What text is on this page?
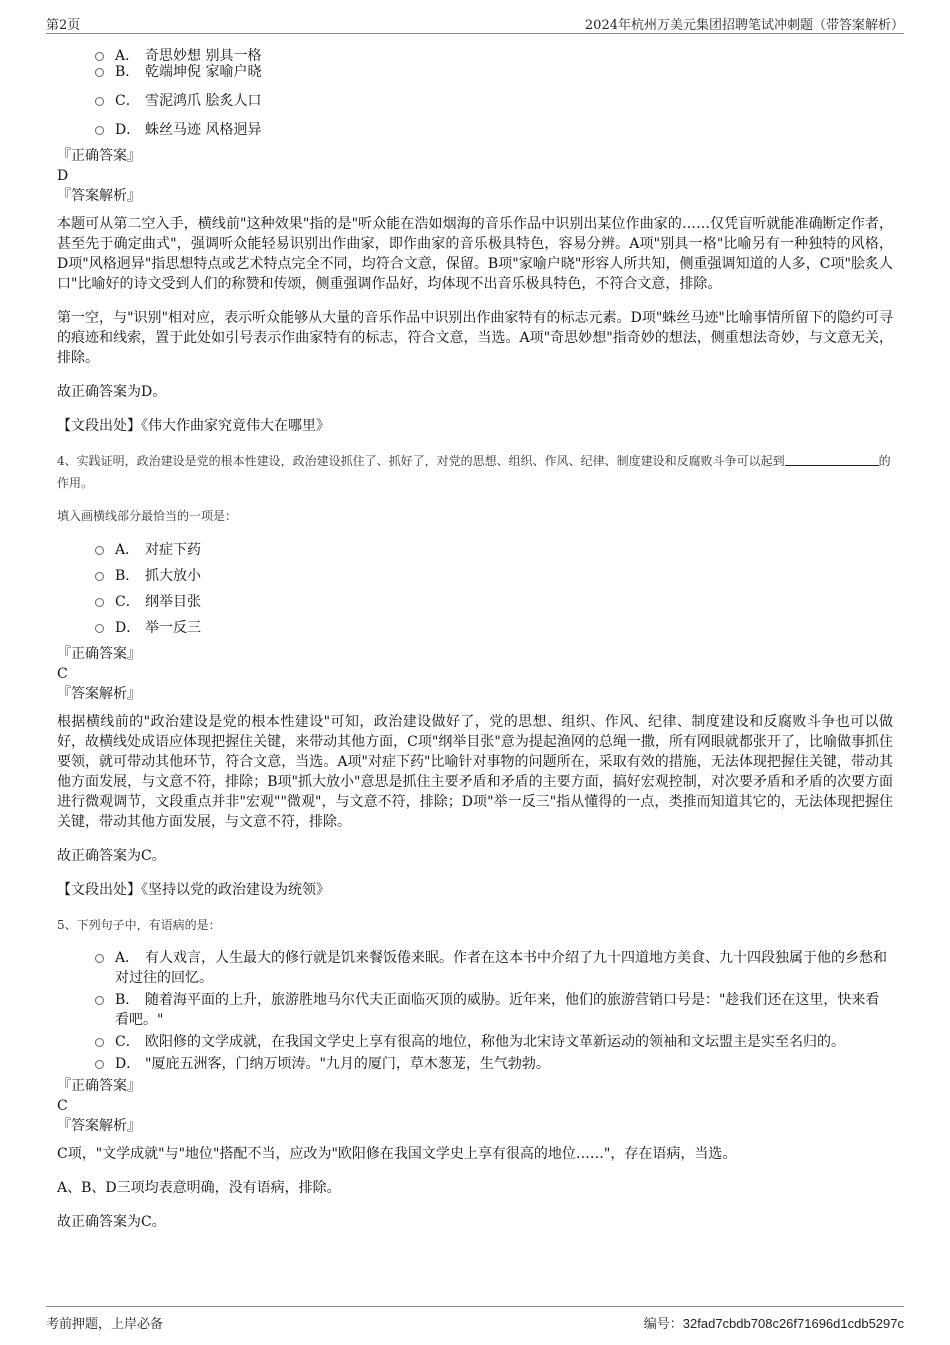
第2页	2024年杭州万美元集团招聘笔试冲刺题（带答案解析）
A． 奇思妙想 别具一格
B． 乾端坤倪 家喻户晓
C． 雪泥鸿爪 脍炙人口
D． 蛛丝马迹 风格迥异

『正确答案』

D

『答案解析』

本题可从第二空入手，横线前"这种效果"指的是"听众能在浩如烟海的音乐作品中识别出某位作曲家的……仅凭盲听就能准确断定作者，甚至先于确定曲式"，强调听众能轻易识别出作曲家，即作曲家的音乐极具特色，容易分辨。A项"别具一格"比喻另有一种独特的风格，D项"风格迥异"指思想特点或艺术特点完全不同，均符合文意，保留。B项"家喻户晓"形容人所共知，侧重强调知道的人多，C项"脍炙人口"比喻好的诗文受到人们的称赞和传颂，侧重强调作品好，均体现不出音乐极具特色，不符合文意，排除。

第一空，与"识别"相对应，表示听众能够从大量的音乐作品中识别出作曲家特有的标志元素。D项"蛛丝马迹"比喻事情所留下的隐约可寻的痕迹和线索，置于此处如引号表示作曲家特有的标志，符合文意，当选。A项"奇思妙想"指奇妙的想法，侧重想法奇妙，与文意无关，排除。

故正确答案为D。

【文段出处】《伟大作曲家究竟伟大在哪里》

4、实践证明，政治建设是党的根本性建设，政治建设抓住了、抓好了，对党的思想、组织、作风、纪律、制度建设和反腐败斗争可以起到	的作用。

填入画横线部分最恰当的一项是：

A． 对症下药
B． 抓大放小
C． 纲举目张
D． 举一反三

『正确答案』

C

『答案解析』

根据横线前的"政治建设是党的根本性建设"可知，政治建设做好了，党的思想、组织、作风、纪律、制度建设和反腐败斗争也可以做好，故横线处成语应体现把握住关键，来带动其他方面，C项"纲举目张"意为提起渔网的总绳一撒，所有网眼就都张开了，比喻做事抓住要领，就可带动其他环节，符合文意，当选。A项"对症下药"比喻针对事物的问题所在，采取有效的措施，无法体现把握住关键，带动其他方面发展，与文意不符，排除；B项"抓大放小"意思是抓住主要矛盾和矛盾的主要方面，搞好宏观控制，对次要矛盾和矛盾的次要方面进行微观调节，文段重点并非"宏观""微观"，与文意不符，排除；D项"举一反三"指从懂得的一点，类推而知道其它的，无法体现把握住关键，带动其他方面发展，与文意不符，排除。

故正确答案为C。

【文段出处】《坚持以党的政治建设为统领》

5、下列句子中，有语病的是：

A． 有人戏言，人生最大的修行就是饥来餐饭倦来眠。作者在这本书中介绍了九十四道地方美食、九十四段独属于他的乡愁和对过往的回忆。
B． 随着海平面的上升，旅游胜地马尔代夫正面临灭顶的威胁。近年来，他们的旅游营销口号是："趁我们还在这里，快来看看吧。"
C． 欧阳修的文学成就，在我国文学史上享有很高的地位，称他为北宋诗文革新运动的领袖和文坛盟主是实至名归的。
D． "厦庇五洲客，门纳万顷涛。"九月的厦门，草木葱茏，生气勃勃。

『正确答案』

C

『答案解析』

C项，"文学成就"与"地位"搭配不当，应改为"欧阳修在我国文学史上享有很高的地位……"，存在语病，当选。

A、B、D三项均表意明确，没有语病，排除。

故正确答案为C。

考前押题，上岸必备	编号：32fad7cbdb708c26f71696d1cdb5297c
